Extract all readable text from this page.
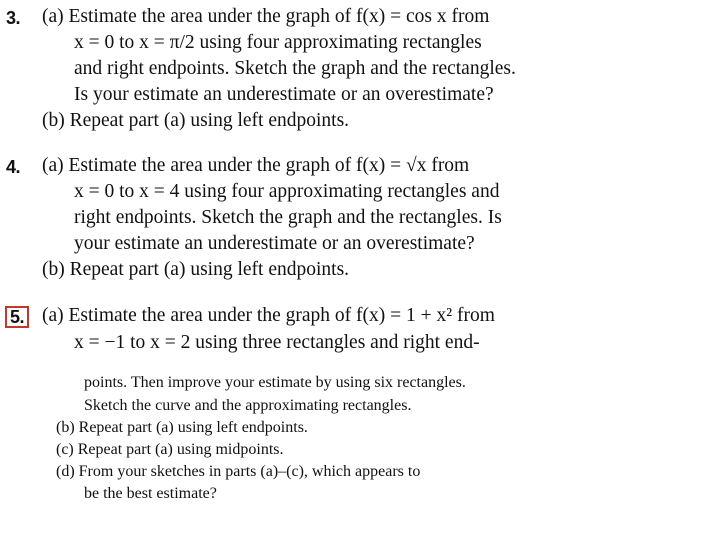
3. (a) Estimate the area under the graph of f(x) = cos x from
x = 0 to x = π/2 using four approximating rectangles
and right endpoints. Sketch the graph and the rectangles.
Is your estimate an underestimate or an overestimate?
(b) Repeat part (a) using left endpoints.
4. (a) Estimate the area under the graph of f(x) = √x from
x = 0 to x = 4 using four approximating rectangles and
right endpoints. Sketch the graph and the rectangles. Is
your estimate an underestimate or an overestimate?
(b) Repeat part (a) using left endpoints.
5. (a) Estimate the area under the graph of f(x) = 1 + x² from
x = −1 to x = 2 using three rectangles and right end-
points. Then improve your estimate by using six rectangles.
Sketch the curve and the approximating rectangles.
(b) Repeat part (a) using left endpoints.
(c) Repeat part (a) using midpoints.
(d) From your sketches in parts (a)–(c), which appears to
be the best estimate?
